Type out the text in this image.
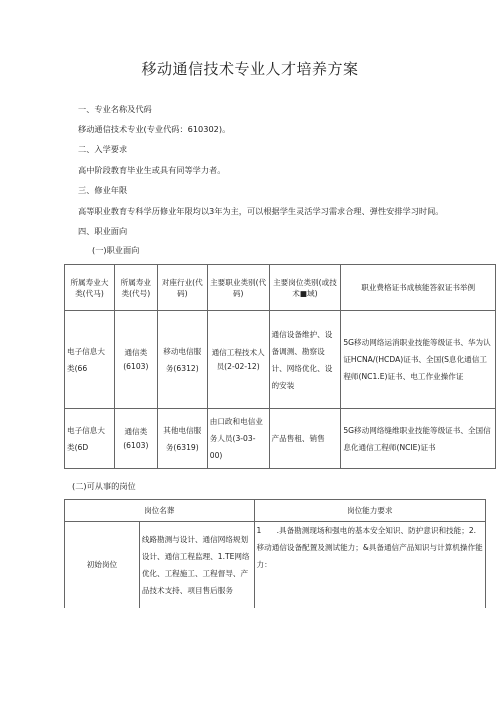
移动通信技术专业人才培养方案
一、专业名称及代码
移动通信技术专业(专业代码：610302)。
二、入学要求
高中阶段教育毕业生或具有同等学力者。
三、修业年限
高等职业教育专科学历修业年限均以3年为主，可以根据学生灵活学习需求合理、弹性安排学习时间。
四、职业面向
(一)职业面向
所属寿业大类(代马)	所属寿业类(代号)	对座行业(代码)	主要职业类别(代码)	主要岗位类别(或技术■域)	职业费格证书成核能答叙证书举例
电子信息大类(66	通信类(6103)	移动电信服务(6312)	通信工程技术人员(2-02-12)	通信设备维护、设备调测、勘察设计、网络优化、设的安装	5G移动网络运消职业技能等级证书、华为认证HCNA/(HCDA)证书、全国(S息化通信工程师(NC1.E)证书、电工作业操作证
电子信息大类(6D	通信类(6103)	其他电信服务(6319)	由口政和电信业务人员(3-03-00)	产品售租、销售	5G移动网络缝维职业技能等级证书、全国信息化通信工程师(NCIE)证书
(二)可从事的岗位
岗位名葬		岗位能力要求
初始岗位	线路勘测与设计、通信网络规划设计、通信工程监理、1.TE网络优化、工程施工、工程督导、产品技术支持、项目售后服务	1　　.具备勘测现场和强电的基本安全知识、防护意识和技能；2.移动通信设备配置及测试能力；&具备通信产品知识与计算机操作能力：
